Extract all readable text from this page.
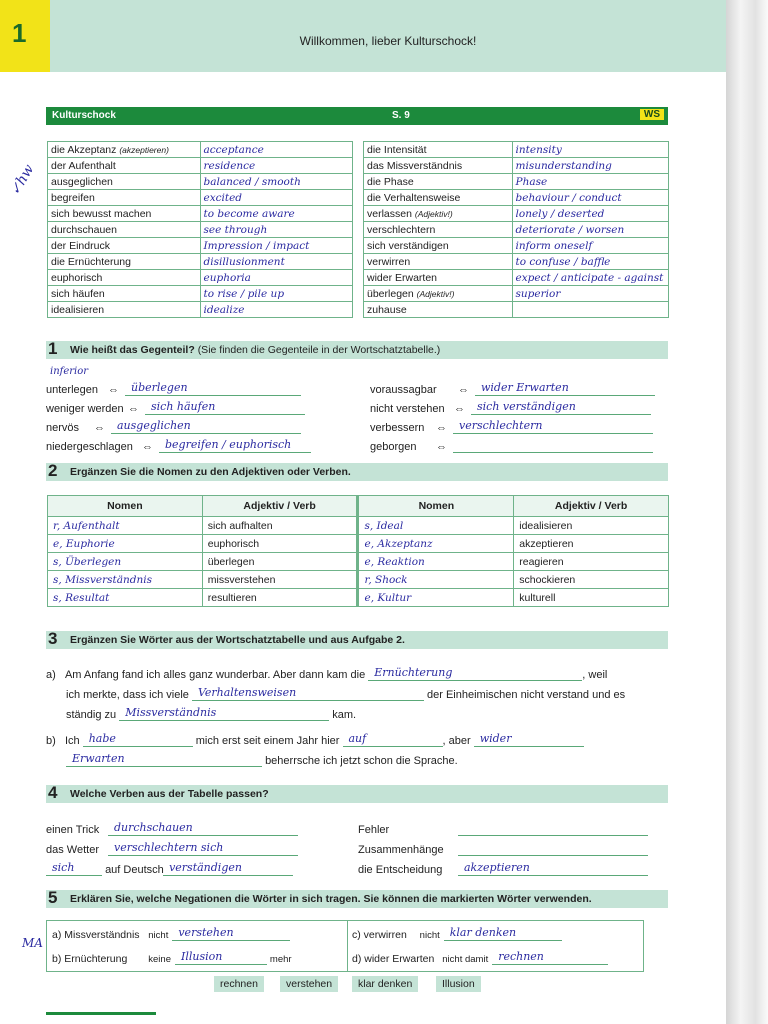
1	Willkommen, lieber Kulturschock!
✓hw
MA
Kulturschock	S. 9	WS
die Akzeptanz (akzeptieren)	acceptance
der Aufenthalt	residence
ausgeglichen	balanced / smooth
begreifen	excited
sich bewusst machen	to become aware
durchschauen	see through
der Eindruck	Impression / impact
die Ernüchterung	disillusionment
euphorisch	euphoria
sich häufen	to rise / pile up
idealisieren	idealize
die Intensität	intensity
das Missverständnis	misunderstanding
die Phase	Phase
die Verhaltensweise	behaviour / conduct
verlassen (Adjektiv!)	lonely / deserted
verschlechtern	deteriorate / worsen
sich verständigen	inform oneself
verwirren	to confuse / baffle
wider Erwarten	expect / anticipate - against
überlegen (Adjektiv!)	superior
zuhause	
1 Wie heißt das Gegenteil? (Sie finden die Gegenteile in der Wortschatztabelle.)
unterlegen ⇔ überlegen
weniger werden ⇔ sich häufen
nervös ⇔ ausgeglichen
niedergeschlagen ⇔ begreifen / euphorisch
inferior
voraussagbar ⇔ wider Erwarten
nicht verstehen ⇔ sich verständigen
verbessern ⇔ verschlechtern
geborgen ⇔
2 Ergänzen Sie die Nomen zu den Adjektiven oder Verben.
Nomen	Adjektiv / Verb	Nomen	Adjektiv / Verb
r, Aufenthalt	sich aufhalten	s, Ideal	idealisieren
e, Euphorie	euphorisch	e, Akzeptanz	akzeptieren
s, Überlegen	überlegen	e, Reaktion	reagieren
s, Missverständnis	missverstehen	r, Shock	schockieren
s, Resultat	resultieren	e, Kultur	kulturell
3 Ergänzen Sie Wörter aus der Wortschatztabelle und aus Aufgabe 2.
a) Am Anfang fand ich alles ganz wunderbar. Aber dann kam die Ernüchterung	, weil
ich merkte, dass ich viele Verhaltensweisen	der Einheimischen nicht verstand und es
ständig zu Missverständnis	kam.
b) Ich habe	mich erst seit einem Jahr hier auf	, aber wider
Erwarten	beherrsche ich jetzt schon die Sprache.
4 Welche Verben aus der Tabelle passen?
einen Trick durchschauen
das Wetter verschlechtern sich
sich	auf Deutsch verständigen
Fehler
Zusammenhänge
die Entscheidung akzeptieren
5 Erklären Sie, welche Negationen die Wörter in sich tragen. Sie können die markierten Wörter verwenden.
a) Missverständnis nicht verstehen
b) Ernüchterung keine Illusion	mehr
c) verwirren nicht klar denken
d) wider Erwarten nicht damit rechnen
rechnen	verstehen	klar denken	Illusion
